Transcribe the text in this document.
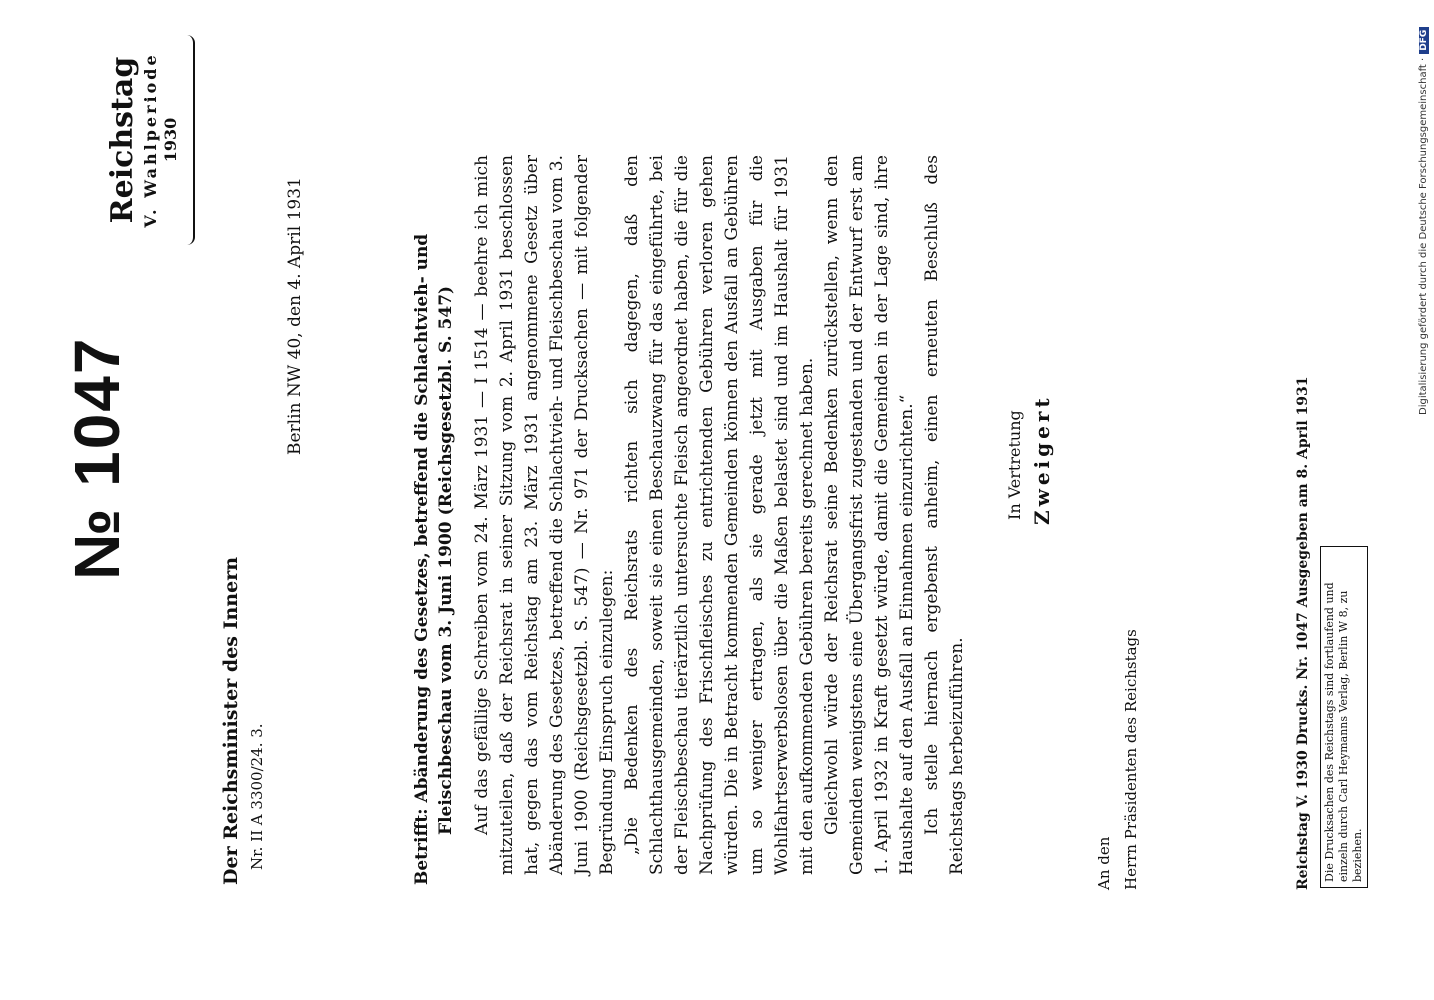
№ 1047
Reichstag V. Wahlperiode 1930
Der Reichsminister des Innern Nr. II A 3300/24. 3.
Berlin NW 40, den 4. April 1931	Betrifft: Abänderung des Gesetzes, betreffend die Schlachtvieh- und Fleischbeschau vom 3. Juni 1900 (Reichsgesetzbl. S. 547) Auf das gefällige Schreiben vom 24. März 1931 — I 1514 — beehre ich mich mitzuteilen, daß der Reichsrat in seiner Sitzung vom 2. April 1931 beschlossen hat, gegen das vom Reichstag am 23. März 1931 angenommene Gesetz über Abänderung des Gesetzes, betreffend die Schlachtvieh- und Fleischbeschau vom 3. Juni 1900 (Reichsgesetzbl. S. 547) — Nr. 971 der Drucksachen — mit folgender Begründung Einspruch einzulegen: „Die Bedenken des Reichsrats richten sich dagegen, daß den Schlachthausgemeinden, soweit sie einen Beschauzwang für das eingeführte, bei der Fleischbeschau tierärztlich untersuchte Fleisch angeordnet haben, die für die Nachprüfung des Frischfleisches zu entrichtenden Gebühren verloren gehen würden. Die in Betracht kommenden Gemeinden können den Ausfall an Gebühren um so weniger ertragen, als sie gerade jetzt mit Ausgaben für die Wohlfahrtserwerbslosen über die Maßen belastet sind und im Haushalt für 1931 mit den aufkommenden Gebühren bereits gerechnet haben. Gleichwohl würde der Reichsrat seine Bedenken zurückstellen, wenn den Gemeinden wenigstens eine Übergangsfrist zugestanden und der Entwurf erst am 1. April 1932 in Kraft gesetzt würde, damit die Gemeinden in der Lage sind, ihre Haushalte auf den Ausfall an Einnahmen einzurichten.“ Ich stelle hiernach ergebenst anheim, einen erneuten Beschluß des Reichstags herbeizuführen.

In Vertretung Zweigert
An den Herrn Präsidenten des Reichstags	Reichstag V. 1930 Drucks. Nr. 1047 Ausgegeben am 8. April 1931 Die Drucksachen des Reichstags sind fortlaufend und einzeln durch Carl Heymanns Verlag, Berlin W 8, zu beziehen.
Digitalisierung gefördert durch die Deutsche Forschungsgemeinschaft ·DFG
